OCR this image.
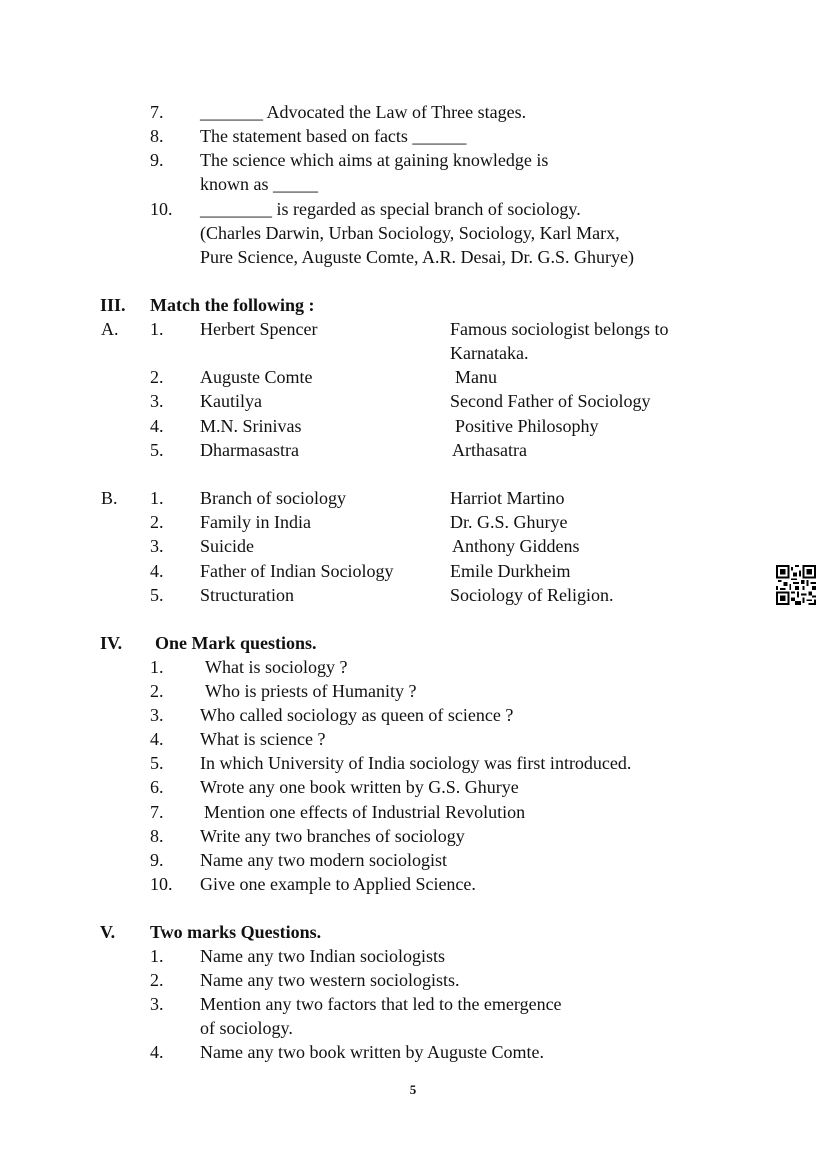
7. _______ Advocated the Law of Three stages.
8. The statement based on facts ______
9. The science which aims at gaining knowledge is
known as _____
10. ________ is regarded as special branch of sociology.
(Charles Darwin, Urban Sociology, Sociology, Karl Marx,
Pure Science, Auguste Comte, A.R. Desai, Dr. G.S. Ghurye)
III. Match the following :
A. 1. Herbert Spencer	Famous sociologist belongs to
Karnataka.
2. Auguste Comte	Manu
3. Kautilya	Second Father of Sociology
4. M.N. Srinivas	Positive Philosophy
5. Dharmasastra	Arthasatra
B. 1. Branch of sociology	Harriot Martino
2. Family in India	Dr. G.S. Ghurye
3. Suicide	Anthony Giddens
4. Father of Indian Sociology	Emile Durkheim
5. Structuration	Sociology of Religion.
IV. One Mark questions.
1. What is sociology ?
2. Who is priests of Humanity ?
3. Who called sociology as queen of science ?
4. What is science ?
5. In which University of India sociology was first introduced.
6. Wrote any one book written by G.S. Ghurye
7. Mention one effects of Industrial Revolution
8. Write any two branches of sociology
9. Name any two modern sociologist
10. Give one example to Applied Science.
V. Two marks Questions.
1. Name any two Indian sociologists
2. Name any two western sociologists.
3. Mention any two factors that led to the emergence
of sociology.
4. Name any two book written by Auguste Comte.
5
